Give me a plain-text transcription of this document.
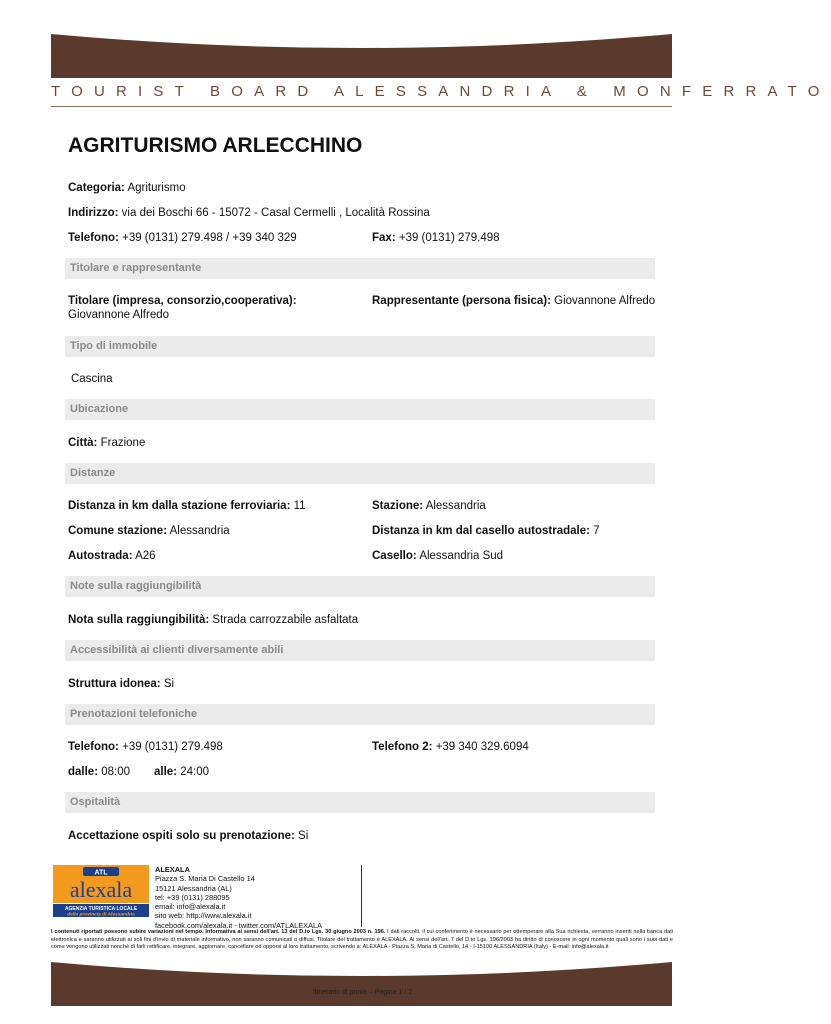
TOURIST BOARD ALESSANDRIA & MONFERRATO
AGRITURISMO ARLECCHINO
Categoria: Agriturismo
Indirizzo: via dei Boschi 66 - 15072 - Casal Cermelli , Località Rossina
Telefono: +39 (0131) 279.498 / +39 340 329	Fax: +39 (0131) 279.498
Titolare e rappresentante
Titolare (impresa, consorzio,cooperativa): Giovannone Alfredo
Rappresentante (persona fisica): Giovannone Alfredo
Tipo di immobile
Cascina
Ubicazione
Città: Frazione
Distanze
Distanza in km dalla stazione ferroviaria: 11	Stazione: Alessandria
Comune stazione: Alessandria	Distanza in km dal casello autostradale: 7
Autostrada: A26	Casello: Alessandria Sud
Note sulla raggiungibilità
Nota sulla raggiungibilità: Strada carrozzabile asfaltata
Accessibilità ai clienti diversamente abili
Struttura idonea: Si
Prenotazioni telefoniche
Telefono: +39 (0131) 279.498	Telefono 2: +39 340 329.6094
dalle: 08:00 alle: 24:00
Ospitalità
Accettazione ospiti solo su prenotazione: Si
ATL
alexala
AGENZIA TURISTICA LOCALE
della provincia di Alessandria
ALEXALA
Piazza S. Maria Di Castello 14
15121 Alessandria (AL)
tel: +39 (0131) 288095
email: info@alexala.it
sito web: http://www.alexala.it
facebook.com/alexala.it - twitter.com/ATLALEXALA
I contenuti riportati possono subire variazioni nel tempo. Informativa ai sensi dell'art. 13 del D.to Lgs. 30 giugno 2003 n. 196. I dati raccolti, il cui conferimento è necessario per ottemperare alla Sua richiesta, verranno inseriti nella banca dati elettronica e saranno utilizzati ai soli fini d'invio di materiale informativo, non saranno comunicati o diffusi. Titolare del trattamento è ALEXALA. Ai sensi dell'art. 7 del D.to Lgs. 196/2003 ha diritto di conoscere in ogni momento quali sono i suoi dati e come vengono utilizzati nonchè di farli rettificare, integrare, aggiornare, cancellare od opporsi al loro trattamento, scrivendo a: ALEXALA - Piazza S. Maria di Castello, 14 - I-15100 ALESSANDRIA (Italy) - E-mail: info@alexala.it
Itinerario di prova – Pagina 1 / 2
